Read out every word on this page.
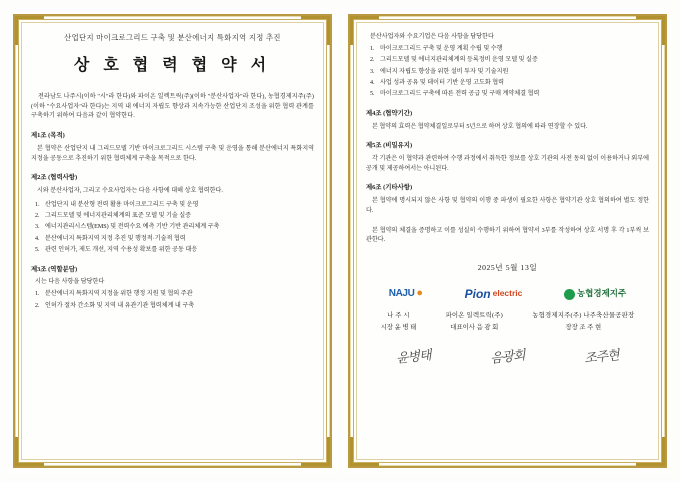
산업단지 마이크로그리드 구축 및 분산에너지 특화지역 지정 추진
상 호 협 력 협 약 서

전라남도 나주시(이하 "시"라 한다)와 파이온 일렉트릭(주)(이하 "분산사업자"라 한다), 농협경제지주(주)(이하 "수요사업자"라 한다)는 지역 내 에너지 자립도 향상과 지속가능한 산업단지 조성을 위한 협력 관계를 구축하기 위하여 다음과 같이 협약한다.

제1조 (목적)

본 협약은 산업단지 내 그리드모델 기반 마이크로그리드 시스템 구축 및 운영을 통해 분산에너지 특화지역 지정을 공동으로 추진하기 위한 협력체계 구축을 목적으로 한다.

제2조 (협력사항)

시와 분산사업자, 그리고 수요사업자는 다음 사항에 대해 상호 협력한다.

산업단지 내 분산형 전력 활용 마이크로그리드 구축 및 운영
그리드모델 및 에너지관리체계의 표준 모델 및 기술 실증
에너지관리시스템(EMS) 및 전력수요 예측 기반 기반 관리체계 구축
분산에너지 특화지역 지정 추진 및 행정적·기술적 협력
관련 인허가, 제도 개선, 지역 수용성 확보를 위한 공동 대응
제3조 (역할분담)
시는 다음 사항을 담당한다
분산에너지 특화지역 지정을 위한 행정 지원 및 협의 주관
인허가 절차 간소화 및 지역 내 유관기관 협력체계 내 구축
분산사업자와 수요기업은 다음 사항을 담당한다
마이크로그리드 구축 및 운영 계획 수립 및 수행
그리드모델 및 에너지관리체계의 등록정비 운영 모델 및 실증
에너지 자립도 향상을 위한 설비 투자 및 기술지원
사업 성과 공유 및 데이터 기반 운영 고도화 협력
마이크로그리드 구축에 따른 전력 공급 및 구매 계약체결 협력
제4조 (협약기간)

본 협약의 효력은 협약체결일로부터 5년으로 하며 상호 협의에 따라 연장할 수 있다.

제5조 (비밀유지)

각 기관은 이 협약과 관련하여 수행 과정에서 취득한 정보를 상호 기관의 사전 동의 없이 이용하거나 외부에 공개 및 제공하여서는 아니된다.

제6조 (기타사항)

본 협약에 명시되지 않은 사항 및 협약의 이행 중 파생이 필요한 사항은 협약기관 상호 협의하여 별도 정한다.

본 협약의 체결을 증명하고 이를 성실히 수행하기 위하여 협약서 3부를 작성하여 상호 서명 후 각 1부씩 보관한다.

2025년 5월 13일
NAJU ●	Pion electric	농협경제지주
나 주 시
시장 윤 병 태
파이온 일렉트릭(주)
대표이사 음 광 회
농협경제지주(주) 나주축산물공판장
장장 조 주 현
윤병태	음광회	조주현
